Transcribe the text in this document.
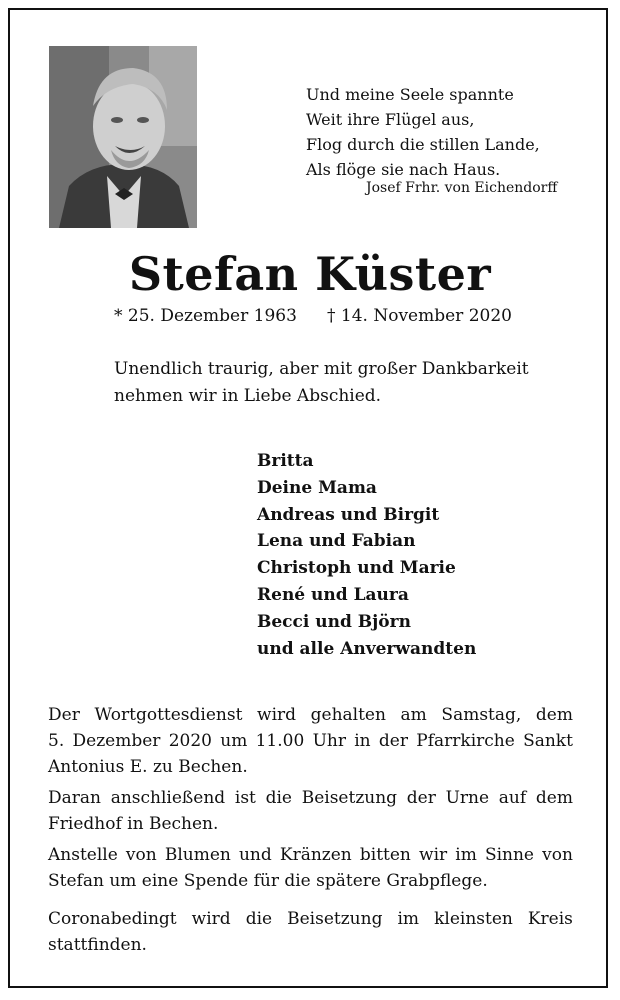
Und meine Seele spannte
Weit ihre Flügel aus,
Flog durch die stillen Lande,
Als flöge sie nach Haus.
Josef Frhr. von Eichendorff
Stefan Küster
* 25. Dezember 1963 † 14. November 2020
Unendlich traurig, aber mit großer Dankbarkeit
nehmen wir in Liebe Abschied.
Britta
Deine Mama
Andreas und Birgit
Lena und Fabian
Christoph und Marie
René und Laura
Becci und Björn
und alle Anverwandten
Der Wortgottesdienst wird gehalten am Samstag, dem
5. Dezember 2020 um 11.00 Uhr in der Pfarrkirche Sankt
Antonius E. zu Bechen.
Daran anschließend ist die Beisetzung der Urne auf dem
Friedhof in Bechen.
Anstelle von Blumen und Kränzen bitten wir im Sinne von
Stefan um eine Spende für die spätere Grabpflege.
Coronabedingt wird die Beisetzung im kleinsten Kreis
stattfinden.
